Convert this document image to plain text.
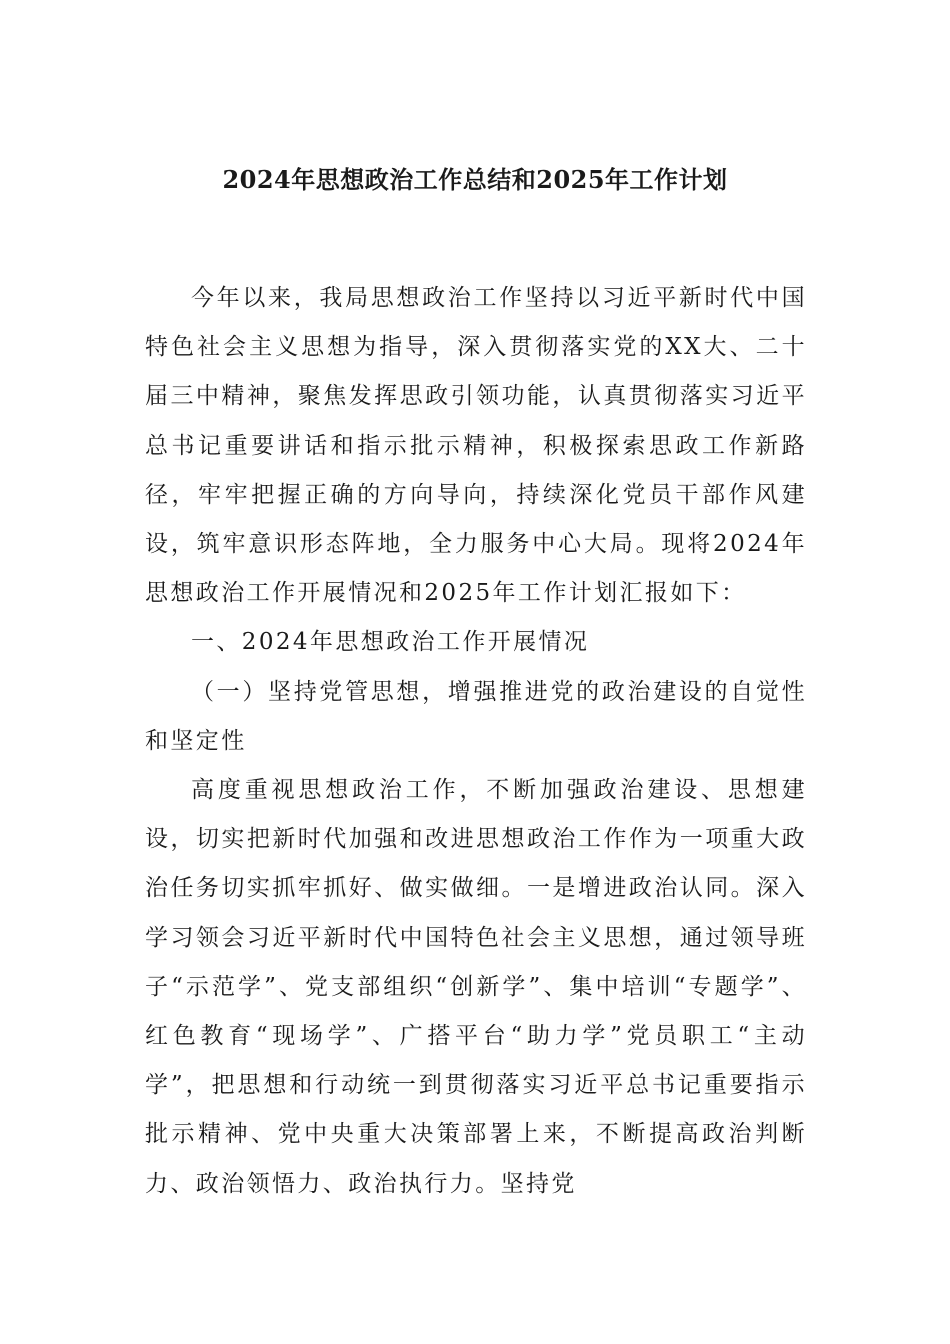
2024年思想政治工作总结和2025年工作计划

今年以来，我局思想政治工作坚持以习近平新时代中国特色社会主义思想为指导，深入贯彻落实党的XX大、二十届三中精神，聚焦发挥思政引领功能，认真贯彻落实习近平总书记重要讲话和指示批示精神，积极探索思政工作新路径，牢牢把握正确的方向导向，持续深化党员干部作风建设，筑牢意识形态阵地，全力服务中心大局。现将2024年思想政治工作开展情况和2025年工作计划汇报如下：

一、2024年思想政治工作开展情况

（一）坚持党管思想，增强推进党的政治建设的自觉性和坚定性

高度重视思想政治工作，不断加强政治建设、思想建设，切实把新时代加强和改进思想政治工作作为一项重大政治任务切实抓牢抓好、做实做细。一是增进政治认同。深入学习领会习近平新时代中国特色社会主义思想，通过领导班子“示范学”、党支部组织“创新学”、集中培训“专题学”、红色教育“现场学”、广搭平台“助力学”党员职工“主动学”，把思想和行动统一到贯彻落实习近平总书记重要指示批示精神、党中央重大决策部署上来，不断提高政治判断力、政治领悟力、政治执行力。坚持党
